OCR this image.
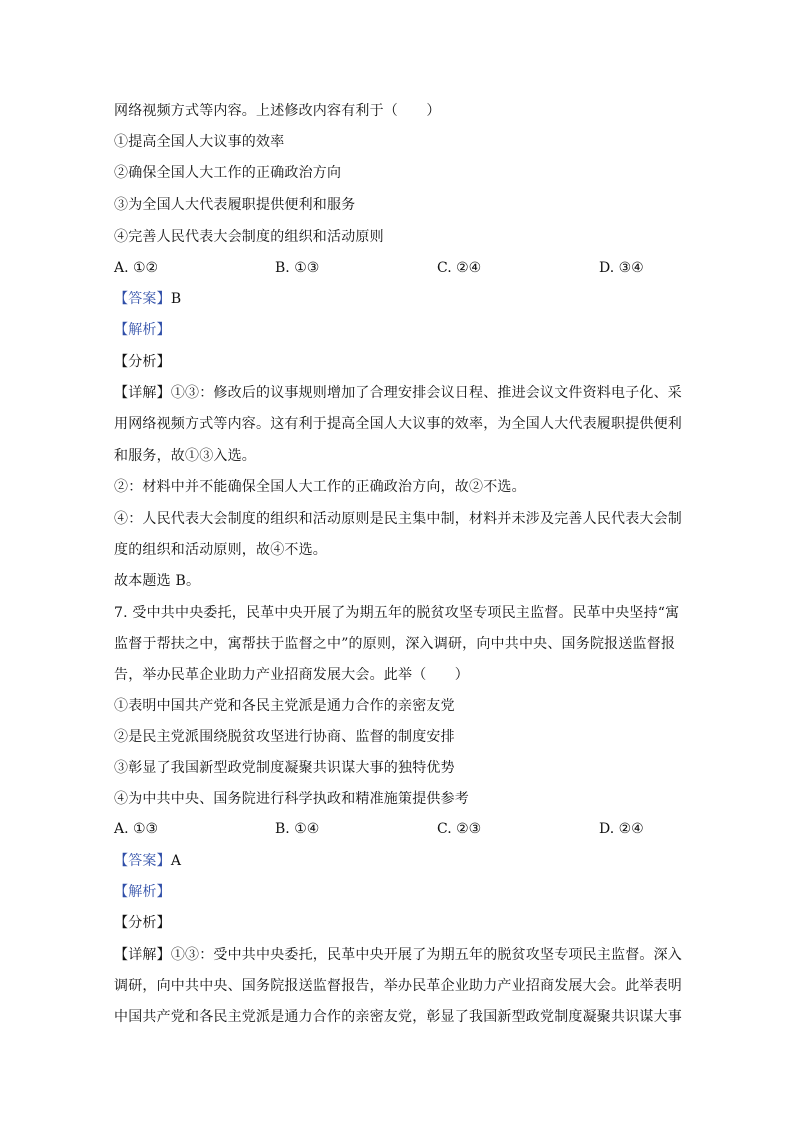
网络视频方式等内容。上述修改内容有利于（　　）
①提高全国人大议事的效率
②确保全国人大工作的正确政治方向
③为全国人大代表履职提供便利和服务
④完善人民代表大会制度的组织和活动原则
A. ①②	B. ①③	C. ②④	D. ③④
【答案】B
【解析】
【分析】
【详解】①③：修改后的议事规则增加了合理安排会议日程、推进会议文件资料电子化、采
用网络视频方式等内容。这有利于提高全国人大议事的效率，为全国人大代表履职提供便利
和服务，故①③入选。
②：材料中并不能确保全国人大工作的正确政治方向，故②不选。
④：人民代表大会制度的组织和活动原则是民主集中制，材料并未涉及完善人民代表大会制
度的组织和活动原则，故④不选。
故本题选 B。
7. 受中共中央委托，民革中央开展了为期五年的脱贫攻坚专项民主监督。民革中央坚持“寓
监督于帮扶之中，寓帮扶于监督之中”的原则，深入调研，向中共中央、国务院报送监督报
告，举办民革企业助力产业招商发展大会。此举（　　）
①表明中国共产党和各民主党派是通力合作的亲密友党
②是民主党派围绕脱贫攻坚进行协商、监督的制度安排
③彰显了我国新型政党制度凝聚共识谋大事的独特优势
④为中共中央、国务院进行科学执政和精准施策提供参考
A. ①③	B. ①④	C. ②③	D. ②④
【答案】A
【解析】
【分析】
【详解】①③：受中共中央委托，民革中央开展了为期五年的脱贫攻坚专项民主监督。深入
调研，向中共中央、国务院报送监督报告，举办民革企业助力产业招商发展大会。此举表明
中国共产党和各民主党派是通力合作的亲密友党，彰显了我国新型政党制度凝聚共识谋大事
